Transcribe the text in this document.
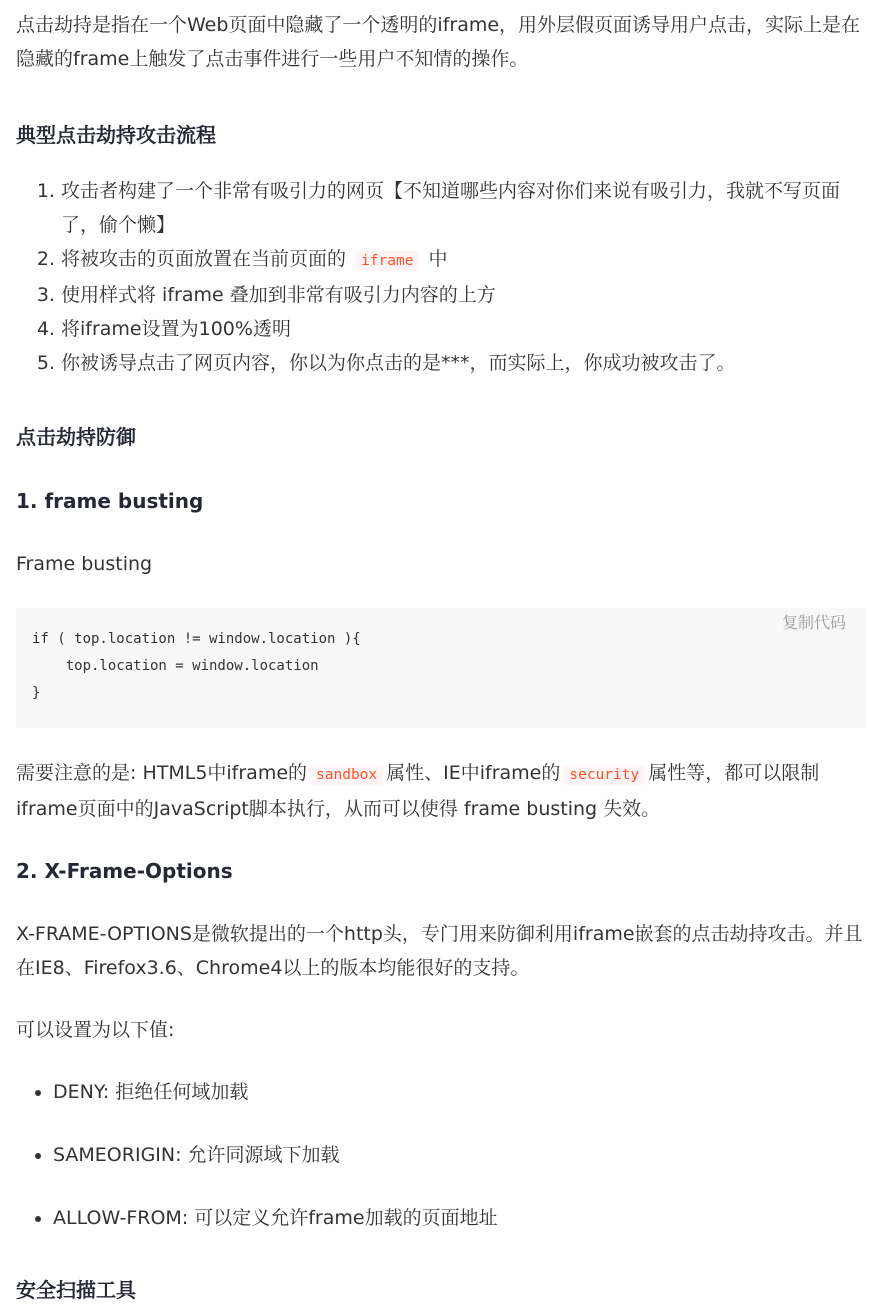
点击劫持是指在一个Web页面中隐藏了一个透明的iframe，用外层假页面诱导用户点击，实际上是在隐藏的frame上触发了点击事件进行一些用户不知情的操作。

典型点击劫持攻击流程
1. 攻击者构建了一个非常有吸引力的网页【不知道哪些内容对你们来说有吸引力，我就不写页面了，偷个懒】
2. 将被攻击的页面放置在当前页面的 iframe 中
3. 使用样式将 iframe 叠加到非常有吸引力内容的上方
4. 将iframe设置为100%透明
5. 你被诱导点击了网页内容，你以为你点击的是***，而实际上，你成功被攻击了。
点击劫持防御
1. frame busting

Frame busting

复制代码
if ( top.location != window.location ){
top.location = window.location
}

需要注意的是: HTML5中iframe的 sandbox 属性、IE中iframe的 security 属性等，都可以限制iframe页面中的JavaScript脚本执行，从而可以使得 frame busting 失效。

2. X-Frame-Options

X-FRAME-OPTIONS是微软提出的一个http头，专门用来防御利用iframe嵌套的点击劫持攻击。并且在IE8、Firefox3.6、Chrome4以上的版本均能很好的支持。

可以设置为以下值:

• DENY: 拒绝任何域加载
• SAMEORIGIN: 允许同源域下加载
• ALLOW-FROM: 可以定义允许frame加载的页面地址
安全扫描工具
